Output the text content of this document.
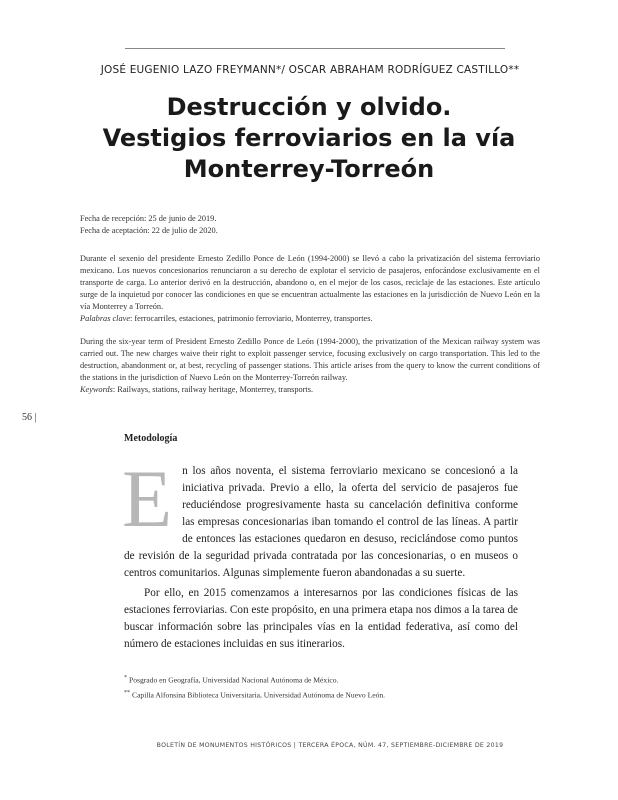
JOSÉ EUGENIO LAZO FREYMANN*/ OSCAR ABRAHAM RODRÍGUEZ CASTILLO**
Destrucción y olvido.
Vestigios ferroviarios en la vía
Monterrey-Torreón
Fecha de recepción: 25 de junio de 2019.
Fecha de aceptación: 22 de julio de 2020.

Durante el sexenio del presidente Ernesto Zedillo Ponce de León (1994-2000) se llevó a cabo la privatización del sistema ferroviario mexicano. Los nuevos concesionarios renunciaron a su derecho de explotar el servicio de pasajeros, enfocándose exclusivamente en el transporte de carga. Lo anterior derivó en la destrucción, abandono o, en el mejor de los casos, reciclaje de las estaciones. Este artículo surge de la inquietud por conocer las condiciones en que se encuentran actualmente las estaciones en la jurisdicción de Nuevo León en la vía Monterrey a Torreón.

Palabras clave: ferrocarriles, estaciones, patrimonio ferroviario, Monterrey, transportes.

During the six-year term of President Ernesto Zedillo Ponce de León (1994-2000), the privatization of the Mexican railway system was carried out. The new charges waive their right to exploit passenger service, focusing exclusively on cargo transportation. This led to the destruction, abandonment or, at best, recycling of passenger stations. This article arises from the query to know the current conditions of the stations in the jurisdiction of Nuevo León on the Monterrey-Torreón railway.

Keywords: Railways, stations, railway heritage, Monterrey, transports.

56 |
Metodología
E n los años noventa, el sistema ferroviario mexicano se concesionó a la iniciativa privada. Previo a ello, la oferta del servicio de pasajeros fue reduciéndose progresivamente hasta su cancelación definitiva conforme las empresas concesionarias iban tomando el control de las líneas. A partir de entonces las estaciones quedaron en desuso, reciclándose como puntos de revisión de la seguridad privada contratada por las concesionarias, o en museos o centros comunitarios. Algunas simplemente fueron abandonadas a su suerte.

Por ello, en 2015 comenzamos a interesarnos por las condiciones físicas de las estaciones ferroviarias. Con este propósito, en una primera etapa nos dimos a la tarea de buscar información sobre las principales vías en la entidad federativa, así como del número de estaciones incluidas en sus itinerarios.

* Posgrado en Geografía, Universidad Nacional Autónoma de México.
** Capilla Alfonsina Biblioteca Universitaria, Universidad Autónoma de Nuevo León.
BOLETÍN DE MONUMENTOS HISTÓRICOS | TERCERA ÉPOCA, NÚM. 47, SEPTIEMBRE-DICIEMBRE DE 2019
